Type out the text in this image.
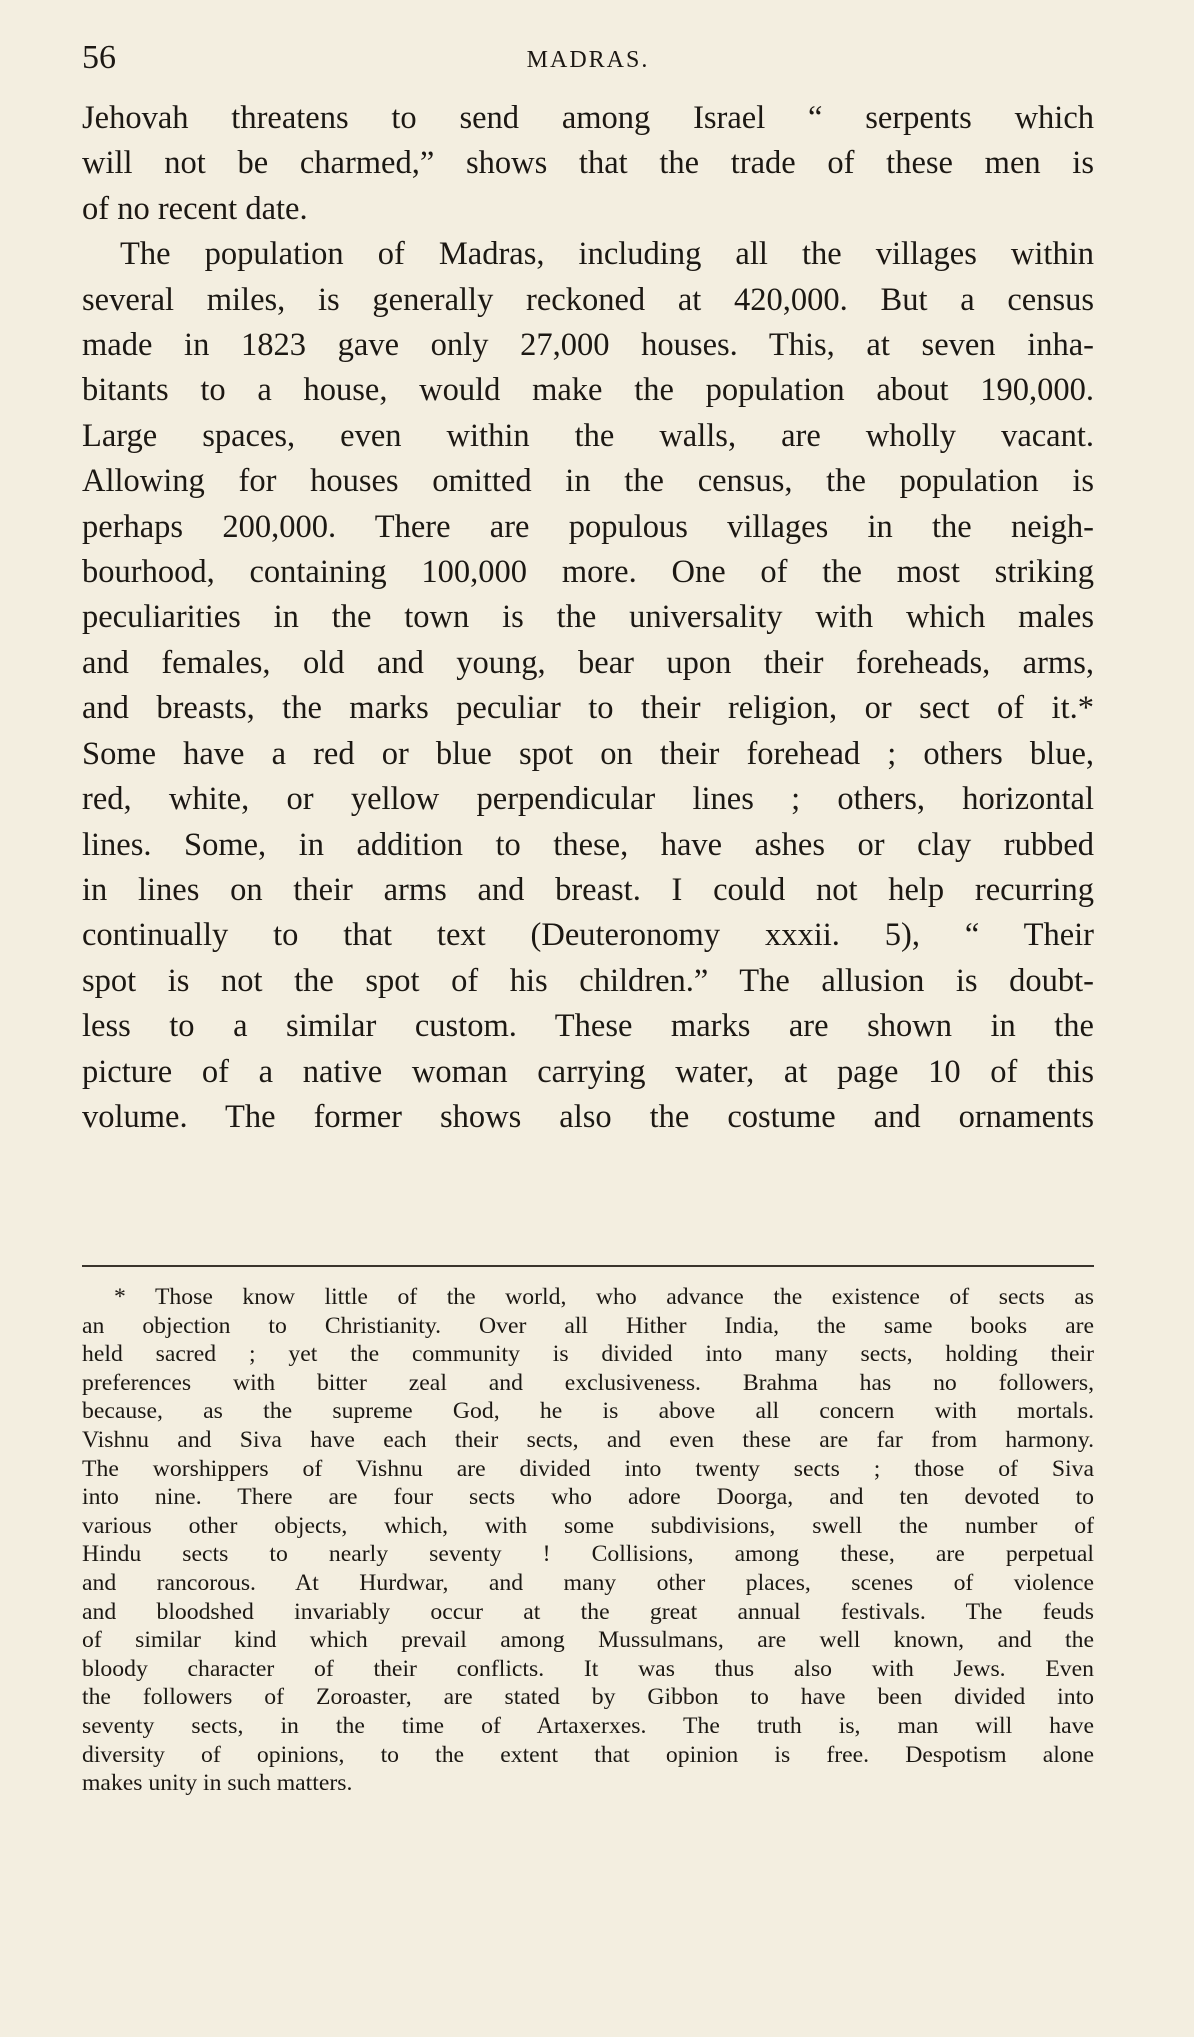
56	MADRAS.
Jehovah threatens to send among Israel “ serpents which
will not be charmed,” shows that the trade of these men is
of no recent date.
The population of Madras, including all the villages within
several miles, is generally reckoned at 420,000. But a census
made in 1823 gave only 27,000 houses. This, at seven inha-
bitants to a house, would make the population about 190,000.
Large spaces, even within the walls, are wholly vacant.
Allowing for houses omitted in the census, the population is
perhaps 200,000. There are populous villages in the neigh-
bourhood, containing 100,000 more. One of the most striking
peculiarities in the town is the universality with which males
and females, old and young, bear upon their foreheads, arms,
and breasts, the marks peculiar to their religion, or sect of it.*
Some have a red or blue spot on their forehead ; others blue,
red, white, or yellow perpendicular lines ; others, horizontal
lines. Some, in addition to these, have ashes or clay rubbed
in lines on their arms and breast. I could not help recurring
continually to that text (Deuteronomy xxxii. 5), “ Their
spot is not the spot of his children.” The allusion is doubt-
less to a similar custom. These marks are shown in the
picture of a native woman carrying water, at page 10 of this
volume. The former shows also the costume and ornaments
* Those know little of the world, who advance the existence of sects as
an objection to Christianity. Over all Hither India, the same books are
held sacred ; yet the community is divided into many sects, holding their
preferences with bitter zeal and exclusiveness. Brahma has no followers,
because, as the supreme God, he is above all concern with mortals.
Vishnu and Siva have each their sects, and even these are far from harmony.
The worshippers of Vishnu are divided into twenty sects ; those of Siva
into nine. There are four sects who adore Doorga, and ten devoted to
various other objects, which, with some subdivisions, swell the number of
Hindu sects to nearly seventy ! Collisions, among these, are perpetual
and rancorous. At Hurdwar, and many other places, scenes of violence
and bloodshed invariably occur at the great annual festivals. The feuds
of similar kind which prevail among Mussulmans, are well known, and the
bloody character of their conflicts. It was thus also with Jews. Even
the followers of Zoroaster, are stated by Gibbon to have been divided into
seventy sects, in the time of Artaxerxes. The truth is, man will have
diversity of opinions, to the extent that opinion is free. Despotism alone
makes unity in such matters.
